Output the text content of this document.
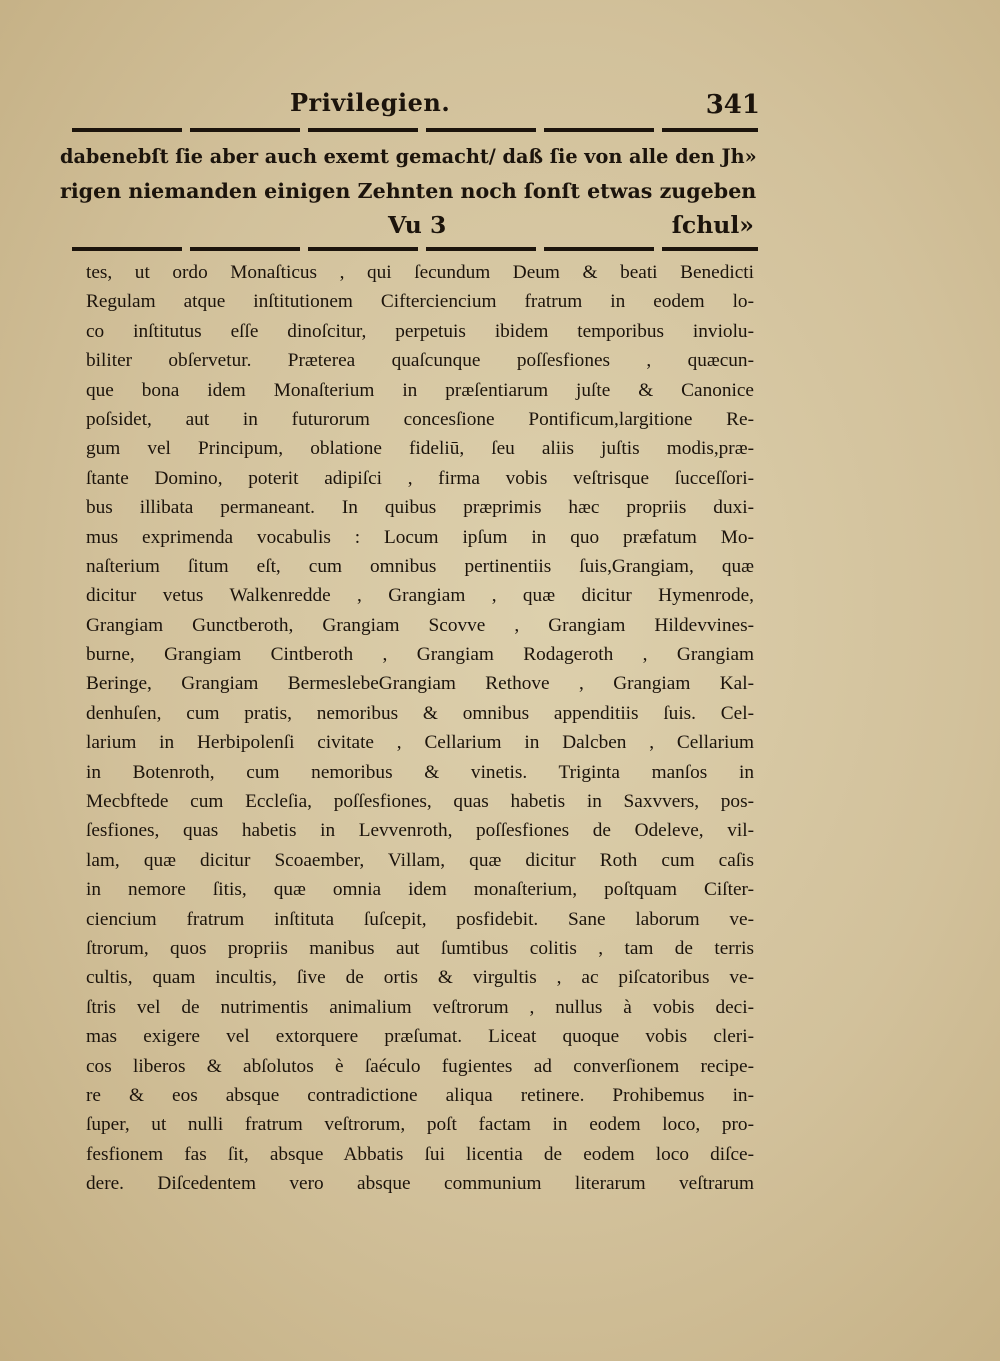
Privilegien.	341
dabenebſt ſie aber auch exemt gemacht/ daß ſie von alle den Jh»
rigen niemanden einigen Zehnten noch ſonſt etwas zugeben
Vu 3	ſchul»
tes, ut ordo Monaſticus , qui ſecundum Deum & beati Benedicti
Regulam atque inſtitutionem Cifterciencium fratrum in eodem lo-
co inſtitutus eſſe dinoſcitur, perpetuis ibidem temporibus inviolu-
biliter obſervetur. Præterea quaſcunque poſſesfiones , quæcun-
que bona idem Monaſterium in præſentiarum juſte & Canonice
poſsidet, aut in futurorum concesſione Pontificum,largitione Re-
gum vel Principum, oblatione fideliū, ſeu aliis juſtis modis,præ-
ſtante Domino, poterit adipiſci , firma vobis veſtrisque ſucceſſori-
bus illibata permaneant. In quibus præprimis hæc propriis duxi-
mus exprimenda vocabulis : Locum ipſum in quo præfatum Mo-
naſterium ſitum eſt, cum omnibus pertinentiis ſuis,Grangiam, quæ
dicitur vetus Walkenredde , Grangiam , quæ dicitur Hymenrode,
Grangiam Gunctberoth, Grangiam Scovve , Grangiam Hildevvines-
burne, Grangiam Cintberoth , Grangiam Rodageroth , Grangiam
Beringe, Grangiam BermeslebeGrangiam Rethove , Grangiam Kal-
denhuſen, cum pratis, nemoribus & omnibus appenditiis ſuis. Cel-
larium in Herbipolenſi civitate , Cellarium in Dalcben , Cellarium
in Botenroth, cum nemoribus & vinetis. Triginta manſos in
Mecbftede cum Eccleſia, poſſesfiones, quas habetis in Saxvvers, pos-
ſesfiones, quas habetis in Levvenroth, poſſesfiones de Odeleve, vil-
lam, quæ dicitur Scoaember, Villam, quæ dicitur Roth cum caſis
in nemore ſitis, quæ omnia idem monaſterium, poſtquam Ciſter-
ciencium fratrum inſtituta ſuſcepit, posfidebit. Sane laborum ve-
ſtrorum, quos propriis manibus aut ſumtibus colitis , tam de terris
cultis, quam incultis, ſive de ortis & virgultis , ac piſcatoribus ve-
ſtris vel de nutrimentis animalium veſtrorum , nullus à vobis deci-
mas exigere vel extorquere præſumat. Liceat quoque vobis cleri-
cos liberos & abſolutos è ſaéculo fugientes ad converſionem recipe-
re & eos absque contradictione aliqua retinere. Prohibemus in-
ſuper, ut nulli fratrum veſtrorum, poſt factam in eodem loco, pro-
fesfionem fas ſit, absque Abbatis ſui licentia de eodem loco diſce-
dere. Diſcedentem vero absque communium literarum veſtrarum
